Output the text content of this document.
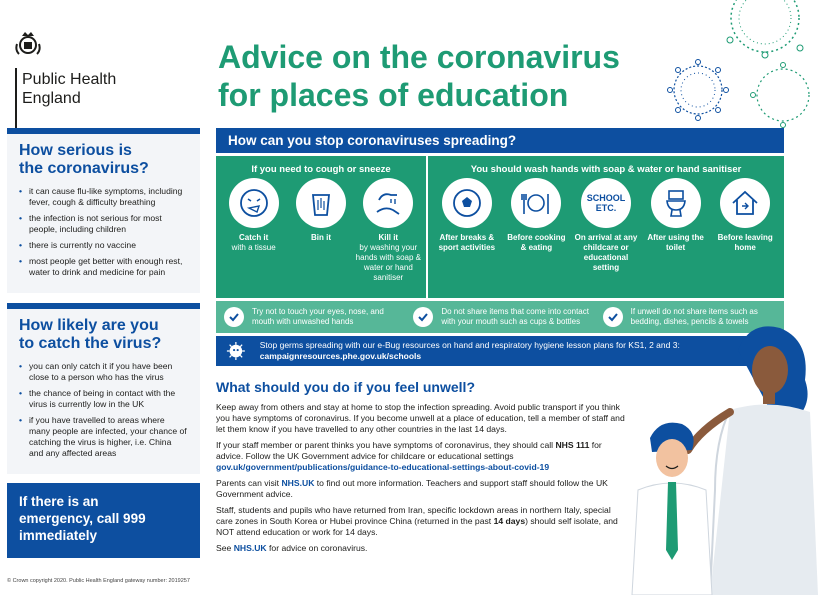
Public Health
England
Advice on the coronavirus
for places of education
How serious is
the coronavirus?
• it can cause flu-like symptoms, including fever, cough & difficulty breathing
• the infection is not serious for most people, including children
• there is currently no vaccine
• most people get better with enough rest, water to drink and medicine for pain
How likely are you
to catch the virus?
• you can only catch it if you have been close to a person who has the virus
• the chance of being in contact with the virus is currently low in the UK
• if you have travelled to areas where many people are infected, your chance of catching the virus is higher, i.e. China and any affected areas
If there is an
emergency, call 999
immediately
How can you stop coronaviruses spreading?
If you need to cough or sneeze
Catch it
with a tissue
Bin it	Kill it
by washing your hands with soap & water or hand sanitiser
You should wash hands with soap & water or hand sanitiser
After breaks & sport activities
Before cooking & eating
SCHOOL
ETC.
On arrival at any childcare or educational setting
After using the toilet
Before leaving home
Try not to touch your eyes, nose, and mouth with unwashed hands
Do not share items that come into contact with your mouth such as cups & bottles
If unwell do not share items such as bedding, dishes, pencils & towels
Stop germs spreading with our e-Bug resources on hand and respiratory hygiene lesson plans for KS1, 2 and 3: campaignresources.phe.gov.uk/schools
What should you do if you feel unwell?

Keep away from others and stay at home to stop the infection spreading. Avoid public transport if you think you have symptoms of coronavirus. If you become unwell at a place of education, tell a member of staff and let them know if you have travelled to any other countries in the last 14 days.

If your staff member or parent thinks you have symptoms of coronavirus, they should call NHS 111 for advice. Follow the UK Government advice for childcare or educational settings gov.uk/government/publications/guidance-to-educational-settings-about-covid-19

Parents can visit NHS.UK to find out more information. Teachers and support staff should follow the UK Government advice.

Staff, students and pupils who have returned from Iran, specific lockdown areas in northern Italy, special care zones in South Korea or Hubei province China (returned in the past 14 days) should self isolate, and NOT attend education or work for 14 days.

See NHS.UK for advice on coronavirus.

© Crown copyright 2020. Public Health England gateway number: 2019257
